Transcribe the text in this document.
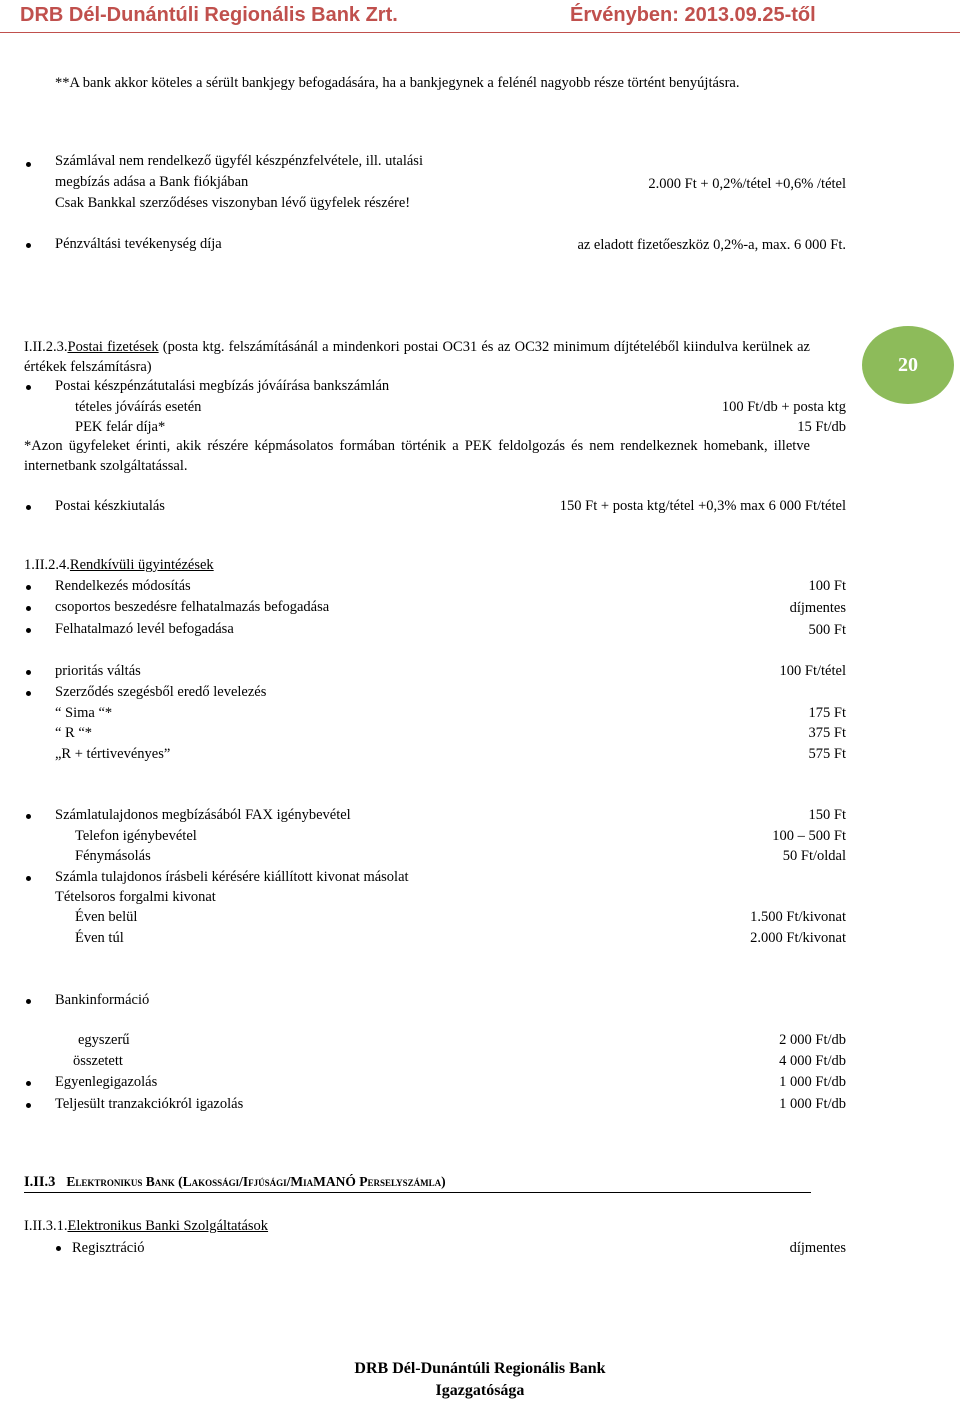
DRB Dél-Dunántúli Regionális Bank Zrt.	Érvényben: 2013.09.25-től
**A bank akkor köteles a sérült bankjegy befogadására, ha a bankjegynek a felénél nagyobb része történt benyújtásra.
Számlával nem rendelkező ügyfél készpénzfelvétele, ill. utalási
megbízás adása a Bank fiókjában
Csak Bankkal szerződéses viszonyban lévő ügyfelek részére!
2.000 Ft + 0,2%/tétel +0,6% /tétel
Pénzváltási tevékenység díja	az eladott fizetőeszköz 0,2%-a, max. 6 000 Ft.
I.II.2.3.Postai fizetések (posta ktg. felszámításánál a mindenkori postai OC31 és az OC32 minimum díjtételéből kiindulva kerülnek az értékek felszámításra)	20
Postai készpénzátutalási megbízás jóváírása bankszámlán
tételes jóváírás esetén	100 Ft/db + posta ktg
PEK felár díja*	15 Ft/db
*Azon ügyfeleket érinti, akik részére képmásolatos formában történik a PEK feldolgozás és nem rendelkeznek homebank, illetve internetbank szolgáltatással.
Postai készkiutalás	150 Ft + posta ktg/tétel +0,3% max 6 000 Ft/tétel
1.II.2.4.Rendkívüli ügyintézések
Rendelkezés módosítás	100 Ft
csoportos beszedésre felhatalmazás befogadása	díjmentes
Felhatalmazó levél befogadása	500 Ft
prioritás váltás	100 Ft/tétel
Szerződés szegésből eredő levelezés
“ Sima “*	175 Ft
“ R “*	375 Ft
„R + tértivevényes”	575 Ft
Számlatulajdonos megbízásából FAX igénybevétel	150 Ft
Telefon igénybevétel	100 – 500 Ft
Fénymásolás	50 Ft/oldal
Számla tulajdonos írásbeli kérésére kiállított kivonat másolat
Tételsoros forgalmi kivonat
Éven belül	1.500 Ft/kivonat
Éven túl	2.000 Ft/kivonat
Bankinformáció
egyszerű	2 000 Ft/db
összetett	4 000 Ft/db
Egyenlegigazolás	1 000 Ft/db
Teljesült tranzakciókról igazolás	1 000 Ft/db
I.II.3 Elektronikus Bank (Lakossági/Ifjúsági/MiaMANÓ Perselyszámla)
I.II.3.1.Elektronikus Banki Szolgáltatások
Regisztráció	díjmentes
DRB Dél-Dunántúli Regionális Bank
Igazgatósága
